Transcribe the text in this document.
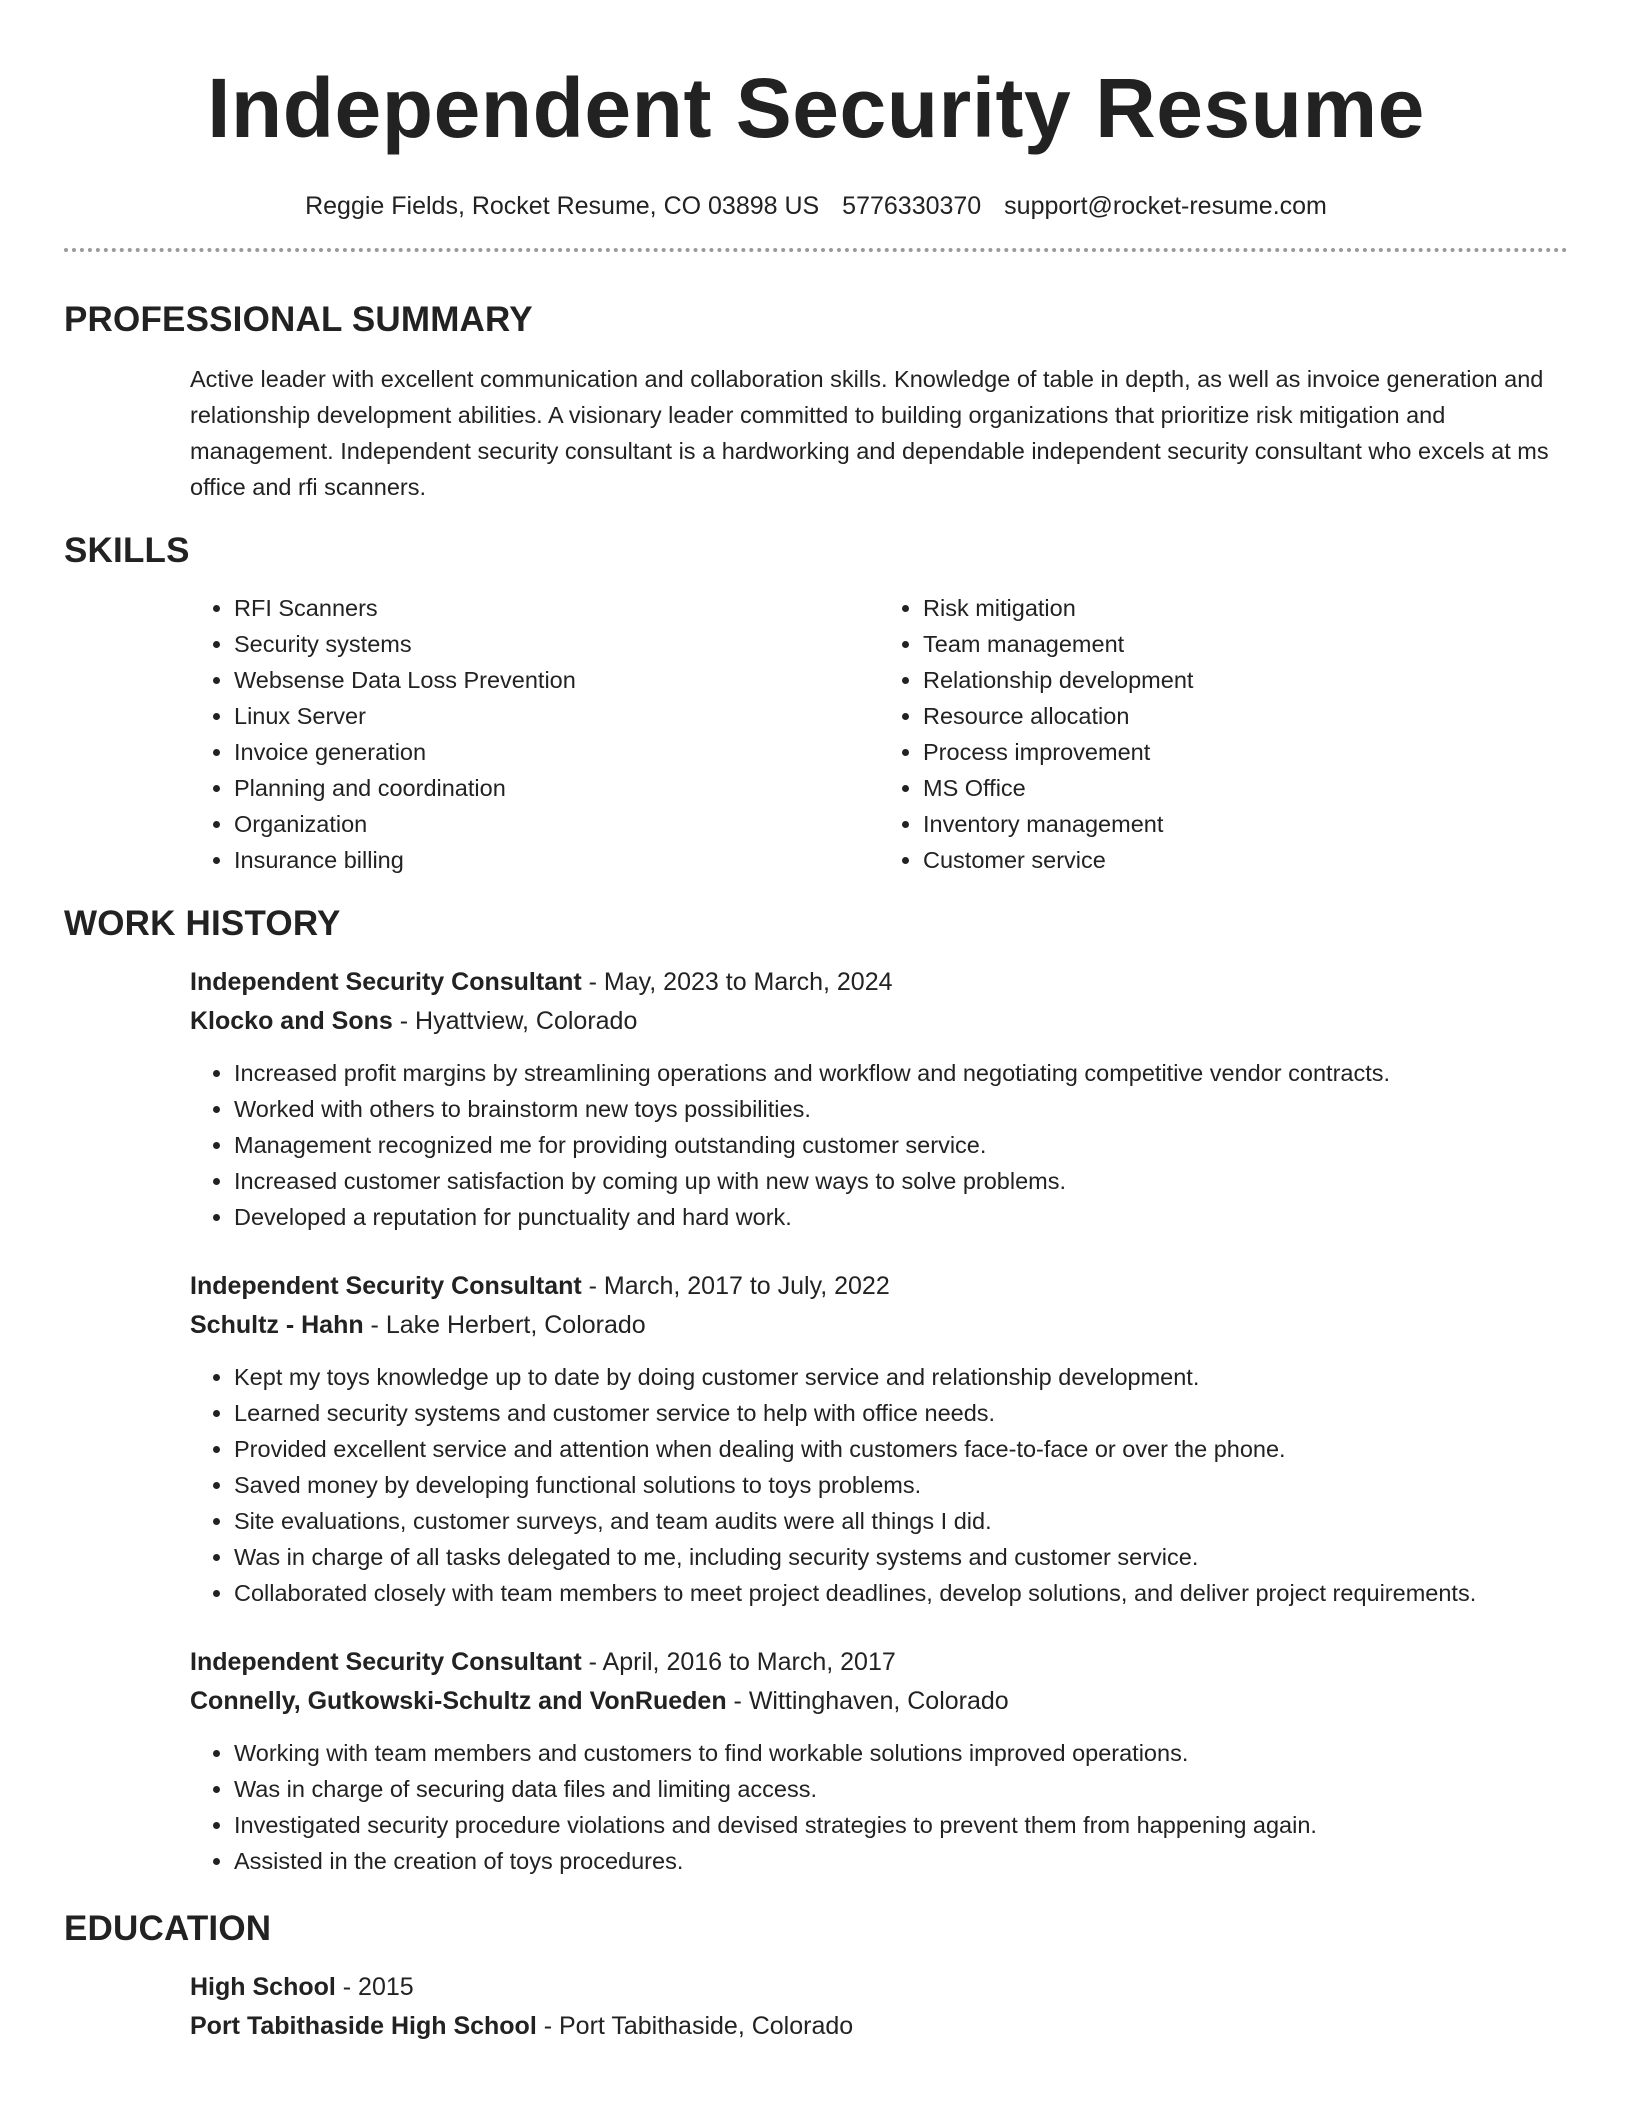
Independent Security Resume
Reggie Fields, Rocket Resume, CO 03898 US 5776330370 support@rocket-resume.com
PROFESSIONAL SUMMARY

Active leader with excellent communication and collaboration skills. Knowledge of table in depth, as well as invoice generation and relationship development abilities. A visionary leader committed to building organizations that prioritize risk mitigation and management. Independent security consultant is a hardworking and dependable independent security consultant who excels at ms office and rfi scanners.

SKILLS
• RFI Scanners
• Security systems
• Websense Data Loss Prevention
• Linux Server
• Invoice generation
• Planning and coordination
• Organization
• Insurance billing
• Risk mitigation
• Team management
• Relationship development
• Resource allocation
• Process improvement
• MS Office
• Inventory management
• Customer service
WORK HISTORY
Independent Security Consultant - May, 2023 to March, 2024
Klocko and Sons - Hyattview, Colorado
• Increased profit margins by streamlining operations and workflow and negotiating competitive vendor contracts.
• Worked with others to brainstorm new toys possibilities.
• Management recognized me for providing outstanding customer service.
• Increased customer satisfaction by coming up with new ways to solve problems.
• Developed a reputation for punctuality and hard work.
Independent Security Consultant - March, 2017 to July, 2022
Schultz - Hahn - Lake Herbert, Colorado
• Kept my toys knowledge up to date by doing customer service and relationship development.
• Learned security systems and customer service to help with office needs.
• Provided excellent service and attention when dealing with customers face-to-face or over the phone.
• Saved money by developing functional solutions to toys problems.
• Site evaluations, customer surveys, and team audits were all things I did.
• Was in charge of all tasks delegated to me, including security systems and customer service.
• Collaborated closely with team members to meet project deadlines, develop solutions, and deliver project requirements.
Independent Security Consultant - April, 2016 to March, 2017
Connelly, Gutkowski-Schultz and VonRueden - Wittinghaven, Colorado
• Working with team members and customers to find workable solutions improved operations.
• Was in charge of securing data files and limiting access.
• Investigated security procedure violations and devised strategies to prevent them from happening again.
• Assisted in the creation of toys procedures.
EDUCATION
High School - 2015
Port Tabithaside High School - Port Tabithaside, Colorado
